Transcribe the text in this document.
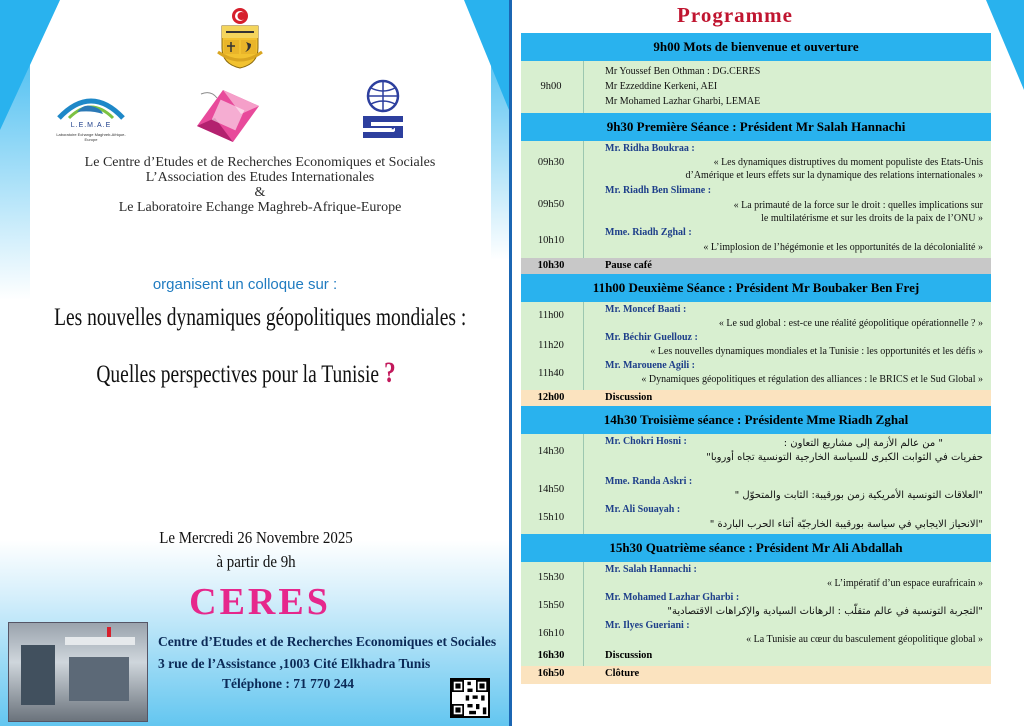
L.E.M.A.E
Laboratoire Echange Maghreb-Afrique-Europe
2
Le Centre d’Etudes et de Recherches Economiques et Sociales
L’Association des Etudes Internationales
&
Le Laboratoire Echange Maghreb-Afrique-Europe
organisent un colloque sur :
Les nouvelles dynamiques géopolitiques mondiales :
Quelles perspectives pour la Tunisie ?
Le Mercredi 26 Novembre 2025
à partir de 9h
CERES
Centre d’Etudes et de Recherches Economiques et Sociales
3 rue de l’Assistance ,1003 Cité Elkhadra Tunis
Téléphone : 71 770 244
Programme
9h00 Mots de bienvenue et ouverture
9h00
Mr Youssef Ben Othman : DG.CERES
Mr Ezzeddine Kerkeni, AEI
Mr Mohamed Lazhar Gharbi, LEMAE
9h30 Première Séance : Président Mr Salah Hannachi
09h30
Mr. Ridha Boukraa :
« Les dynamiques distruptives du moment populiste des Etats-Unis
d’Amérique et leurs effets sur la dynamique des relations internationales »
09h50
Mr. Riadh Ben Slimane :
« La primauté de la force sur le droit : quelles implications sur
le multilatérisme et sur les droits de la paix de l’ONU »
10h10
Mme. Riadh Zghal :
« L’implosion de l’hégémonie et les opportunités de la décolonialité »
10h30	Pause café
11h00 Deuxième Séance : Président Mr Boubaker Ben Frej
11h00
Mr. Moncef Baati :
« Le sud global : est-ce une réalité géopolitique opérationnelle ? »
11h20
Mr. Béchir Guellouz :
« Les nouvelles dynamiques mondiales et la Tunisie : les opportunités et les défis »
11h40
Mr. Marouene Agili :
« Dynamiques géopolitiques et régulation des alliances : le BRICS et le Sud Global »
12h00	Discussion
14h30 Troisième séance : Présidente Mme Riadh Zghal
14h30
Mr. Chokri Hosni :	" من عالم الأزمة إلى مشاريع التعاون :
حفريات في الثوابت الكبرى للسياسة الخارجية التونسية تجاه أوروبا"
14h50
Mme. Randa Askri :
"العلاقات التونسية الأمريكية زمن بورقيبة: الثابت والمتحوّل "
15h10
Mr. Ali Souayah :
"الانحياز الايجابي في سياسة بورقيبة الخارجيّة أثناء الحرب الباردة "
15h30 Quatrième séance : Président Mr Ali Abdallah
15h30
Mr. Salah Hannachi :
« L’impératif d’un espace eurafricain »
15h50
Mr. Mohamed Lazhar Gharbi :
"التجربة التونسية في عالم متقلّب : الرهانات السيادية والإكراهات الاقتصادية"
16h10
Mr. Ilyes Gueriani :
« La Tunisie au cœur du basculement géopolitique global »
16h30	Discussion
16h50	Clôture
